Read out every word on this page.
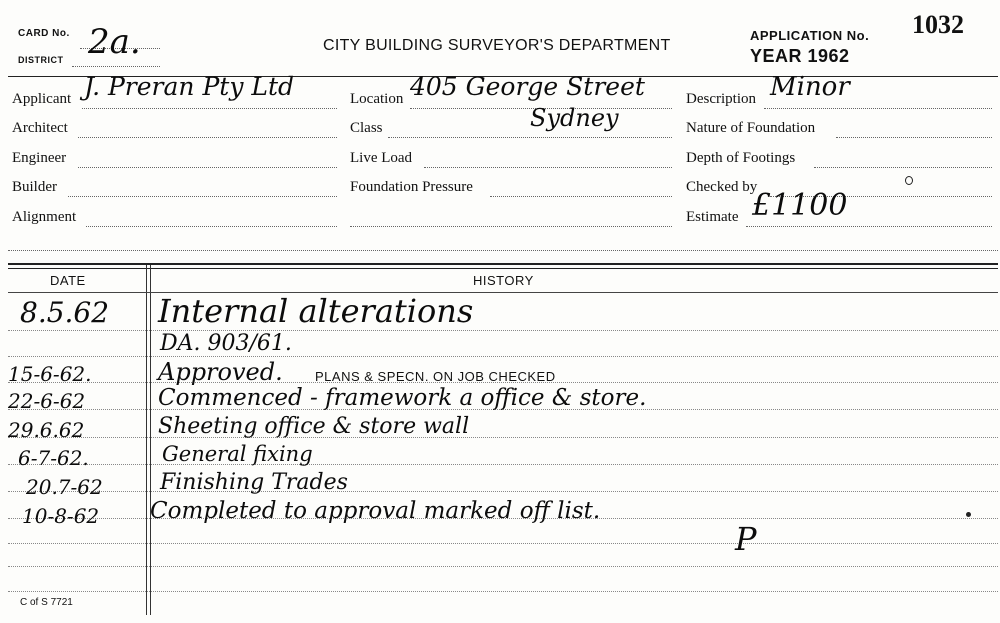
CARD No.
DISTRICT 2a.	CITY BUILDING SURVEYOR'S DEPARTMENT
APPLICATION No.
YEAR 1962
1032
Applicant J. Preran Pty Ltd
Architect
Engineer
Builder
Alignment
Location 405 George Street
Class	Sydney
Live Load
Foundation Pressure
Description Minor
Nature of Foundation
Depth of Footings
Checked by
Estimate £1100
DATE	HISTORY
8.5.62 Internal alterations
DA. 903/61.
15-6-62.	Approved. PLANS & SPECN. ON JOB CHECKED
22-6-62	Commenced - framework a office & store.
29.6.62	Sheeting office & store wall
6-7-62.	General fixing
20.7-62	Finishing Trades
10-8-62 Completed to approval marked off list.
P
C of S 7721
